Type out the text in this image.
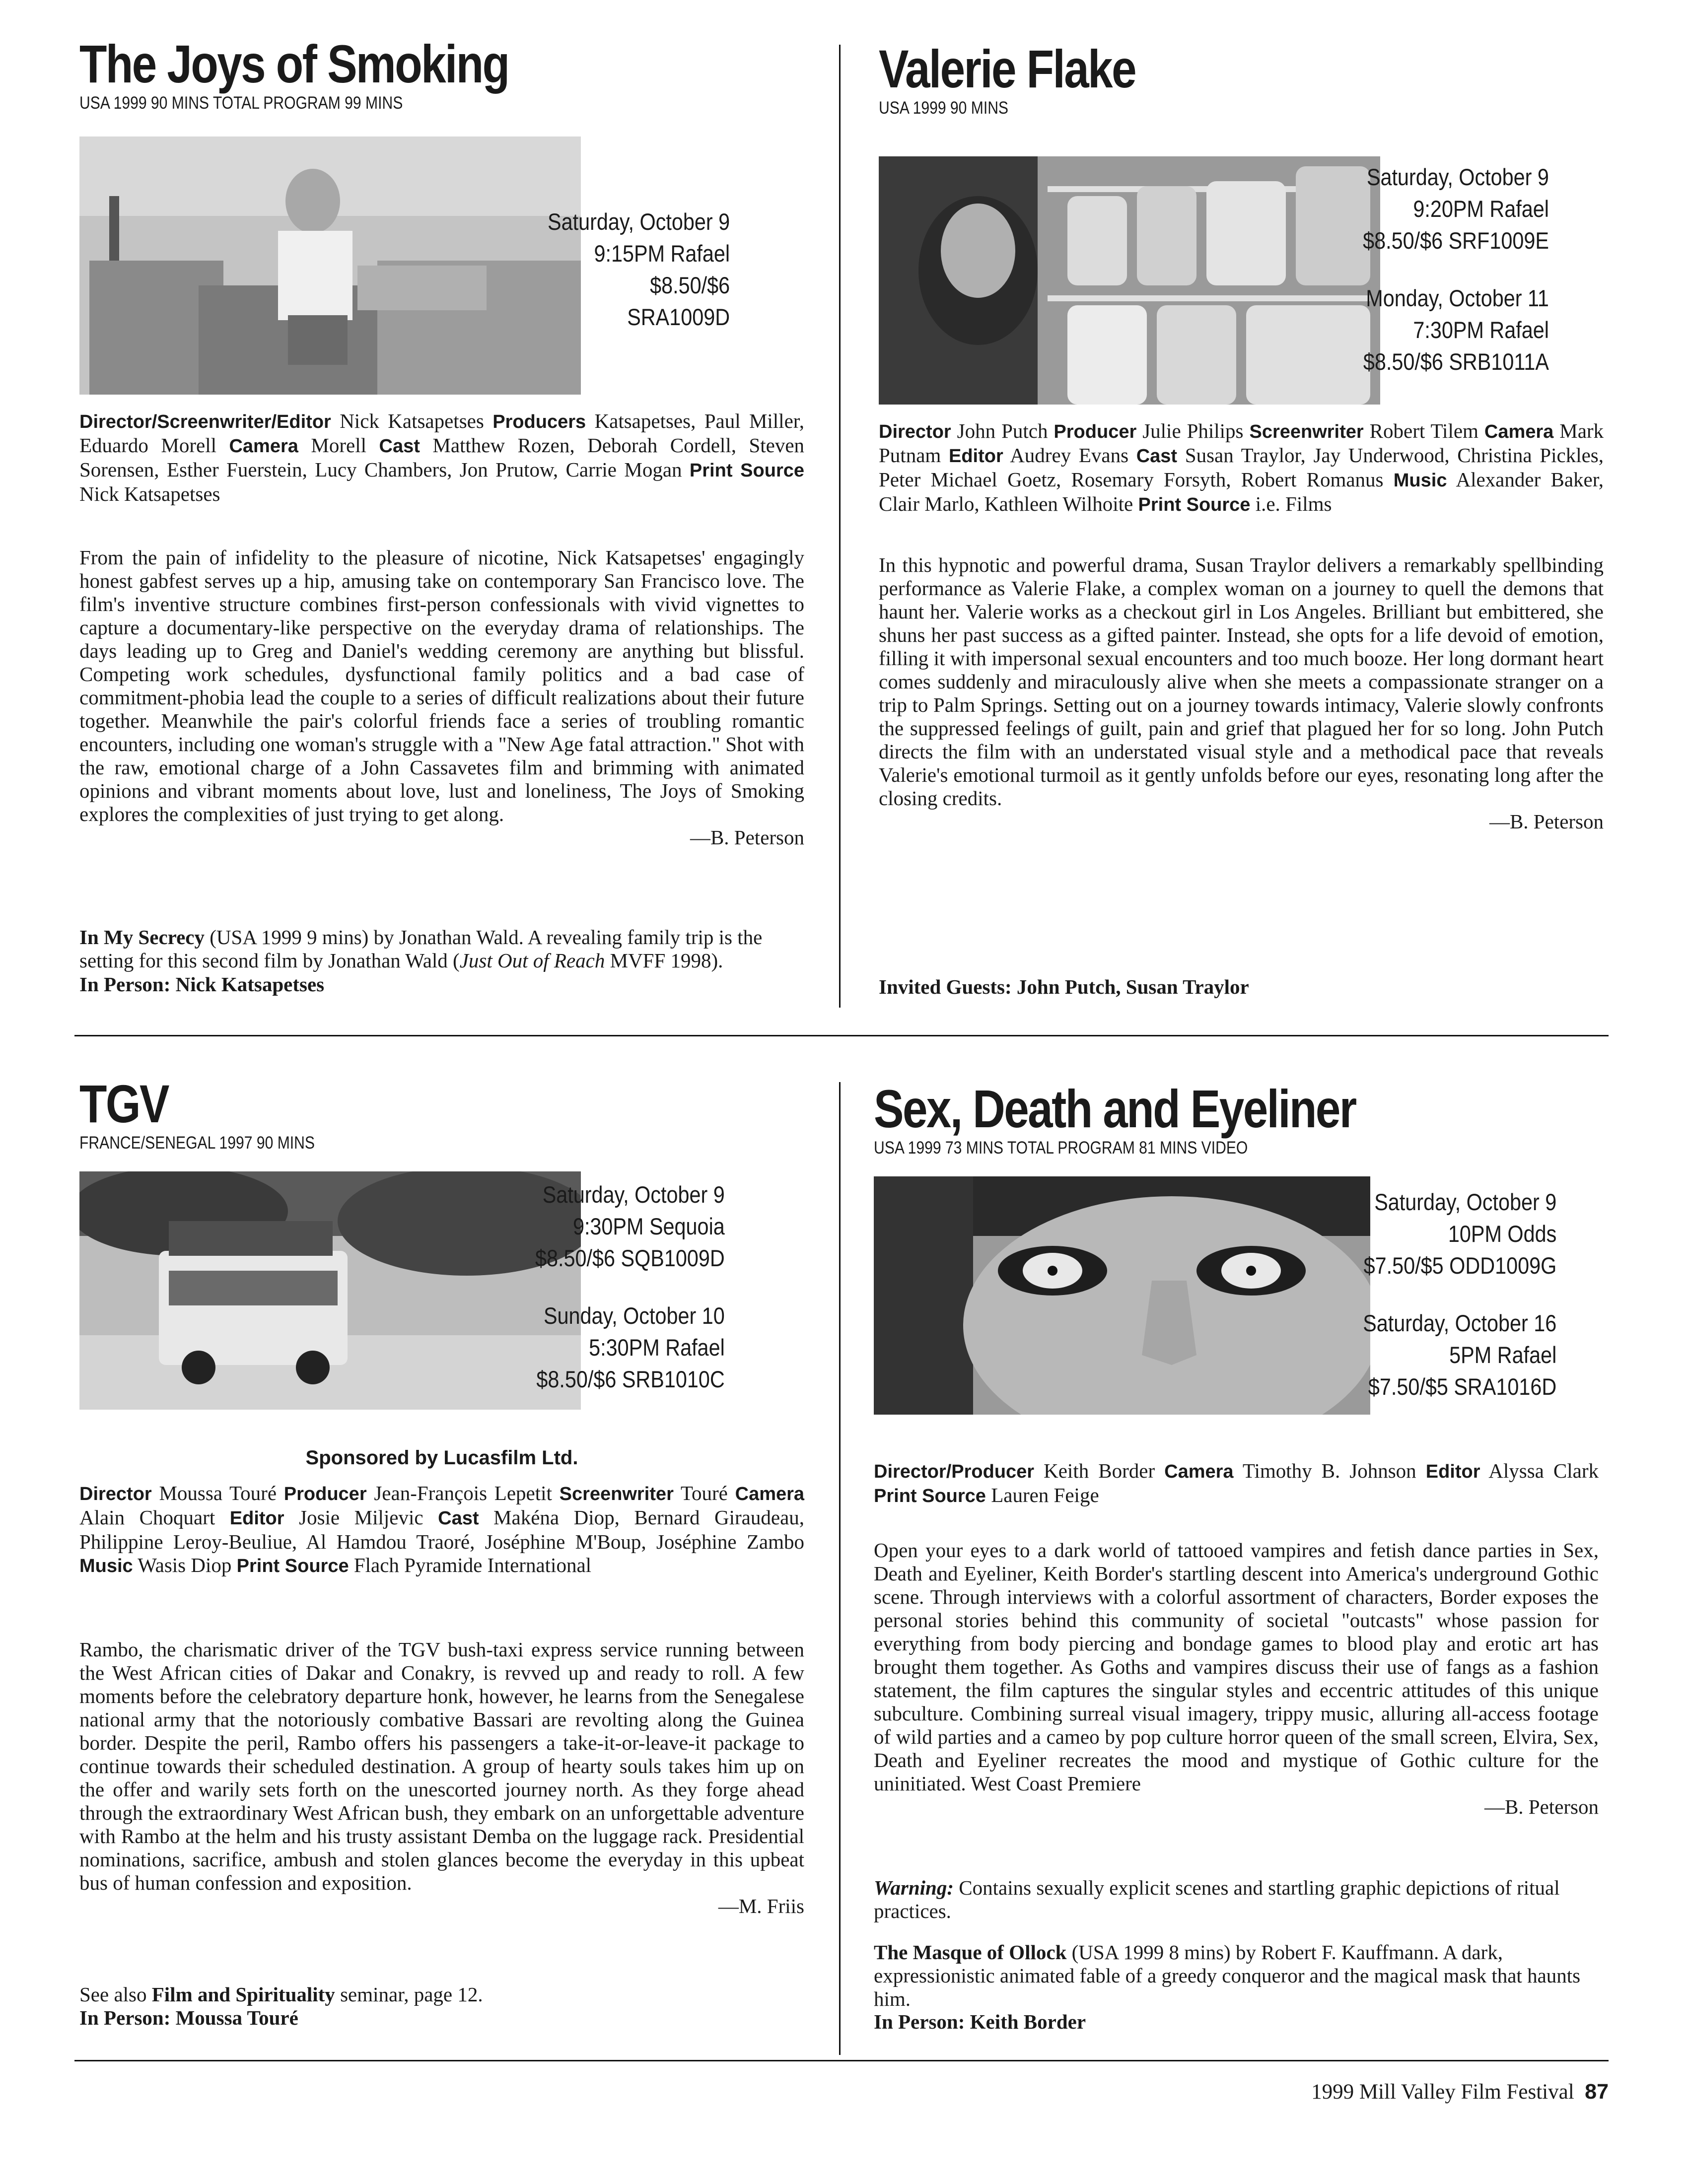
The Joys of Smoking
USA 1999 90 MINS TOTAL PROGRAM 99 MINS
Saturday, October 9
9:15PM Rafael
$8.50/$6
SRA1009D
Director/Screenwriter/Editor Nick Katsapetses Producers Katsapetses, Paul Miller, Eduardo Morell Camera Morell Cast Matthew Rozen, Deborah Cordell, Steven Sorensen, Esther Fuerstein, Lucy Chambers, Jon Prutow, Carrie Mogan Print Source Nick Katsapetses
From the pain of infidelity to the pleasure of nicotine, Nick Katsapetses' engagingly honest gabfest serves up a hip, amusing take on contemporary San Francisco love. The film's inventive structure combines first-person confessionals with vivid vignettes to capture a documentary-like perspective on the everyday drama of relationships. The days leading up to Greg and Daniel's wedding ceremony are anything but blissful. Competing work schedules, dysfunctional family politics and a bad case of commitment-phobia lead the couple to a series of difficult realizations about their future together. Meanwhile the pair's colorful friends face a series of troubling romantic encounters, including one woman's struggle with a "New Age fatal attraction." Shot with the raw, emotional charge of a John Cassavetes film and brimming with animated opinions and vibrant moments about love, lust and loneliness, The Joys of Smoking explores the complexities of just trying to get along.
—B. Peterson
In My Secrecy (USA 1999 9 mins) by Jonathan Wald. A revealing family trip is the setting for this second film by Jonathan Wald (Just Out of Reach MVFF 1998).
In Person: Nick Katsapetses
Valerie Flake
USA 1999 90 MINS
Saturday, October 9
9:20PM Rafael
$8.50/$6 SRF1009E
Monday, October 11
7:30PM Rafael
$8.50/$6 SRB1011A
Director John Putch Producer Julie Philips Screenwriter Robert Tilem Camera Mark Putnam Editor Audrey Evans Cast Susan Traylor, Jay Underwood, Christina Pickles, Peter Michael Goetz, Rosemary Forsyth, Robert Romanus Music Alexander Baker, Clair Marlo, Kathleen Wilhoite Print Source i.e. Films
In this hypnotic and powerful drama, Susan Traylor delivers a remarkably spellbinding performance as Valerie Flake, a complex woman on a journey to quell the demons that haunt her. Valerie works as a checkout girl in Los Angeles. Brilliant but embittered, she shuns her past success as a gifted painter. Instead, she opts for a life devoid of emotion, filling it with impersonal sexual encounters and too much booze. Her long dormant heart comes suddenly and miraculously alive when she meets a compassionate stranger on a trip to Palm Springs. Setting out on a journey towards intimacy, Valerie slowly confronts the suppressed feelings of guilt, pain and grief that plagued her for so long. John Putch directs the film with an understated visual style and a methodical pace that reveals Valerie's emotional turmoil as it gently unfolds before our eyes, resonating long after the closing credits.
—B. Peterson
Invited Guests: John Putch, Susan Traylor
TGV
FRANCE/SENEGAL 1997 90 MINS
Saturday, October 9
9:30PM Sequoia
$8.50/$6 SQB1009D
Sunday, October 10
5:30PM Rafael
$8.50/$6 SRB1010C
Sponsored by Lucasfilm Ltd.
Director Moussa Touré Producer Jean-François Lepetit Screenwriter Touré Camera Alain Choquart Editor Josie Miljevic Cast Makéna Diop, Bernard Giraudeau, Philippine Leroy-Beuliue, Al Hamdou Traoré, Joséphine M'Boup, Joséphine Zambo Music Wasis Diop Print Source Flach Pyramide International
Rambo, the charismatic driver of the TGV bush-taxi express service running between the West African cities of Dakar and Conakry, is revved up and ready to roll. A few moments before the celebratory departure honk, however, he learns from the Senegalese national army that the notoriously combative Bassari are revolting along the Guinea border. Despite the peril, Rambo offers his passengers a take-it-or-leave-it package to continue towards their scheduled destination. A group of hearty souls takes him up on the offer and warily sets forth on the unescorted journey north. As they forge ahead through the extraordinary West African bush, they embark on an unforgettable adventure with Rambo at the helm and his trusty assistant Demba on the luggage rack. Presidential nominations, sacrifice, ambush and stolen glances become the everyday in this upbeat bus of human confession and exposition.
—M. Friis
See also Film and Spirituality seminar, page 12.
In Person: Moussa Touré
Sex, Death and Eyeliner
USA 1999 73 MINS TOTAL PROGRAM 81 MINS VIDEO
Saturday, October 9
10PM Odds
$7.50/$5 ODD1009G
Saturday, October 16
5PM Rafael
$7.50/$5 SRA1016D
Director/Producer Keith Border Camera Timothy B. Johnson Editor Alyssa Clark Print Source Lauren Feige
Open your eyes to a dark world of tattooed vampires and fetish dance parties in Sex, Death and Eyeliner, Keith Border's startling descent into America's underground Gothic scene. Through interviews with a colorful assortment of characters, Border exposes the personal stories behind this community of societal "outcasts" whose passion for everything from body piercing and bondage games to blood play and erotic art has brought them together. As Goths and vampires discuss their use of fangs as a fashion statement, the film captures the singular styles and eccentric attitudes of this unique subculture. Combining surreal visual imagery, trippy music, alluring all-access footage of wild parties and a cameo by pop culture horror queen of the small screen, Elvira, Sex, Death and Eyeliner recreates the mood and mystique of Gothic culture for the uninitiated. West Coast Premiere
—B. Peterson
Warning: Contains sexually explicit scenes and startling graphic depictions of ritual practices.
The Masque of Ollock (USA 1999 8 mins) by Robert F. Kauffmann. A dark, expressionistic animated fable of a greedy conqueror and the magical mask that haunts him.
In Person: Keith Border
1999 Mill Valley Film Festival 87
